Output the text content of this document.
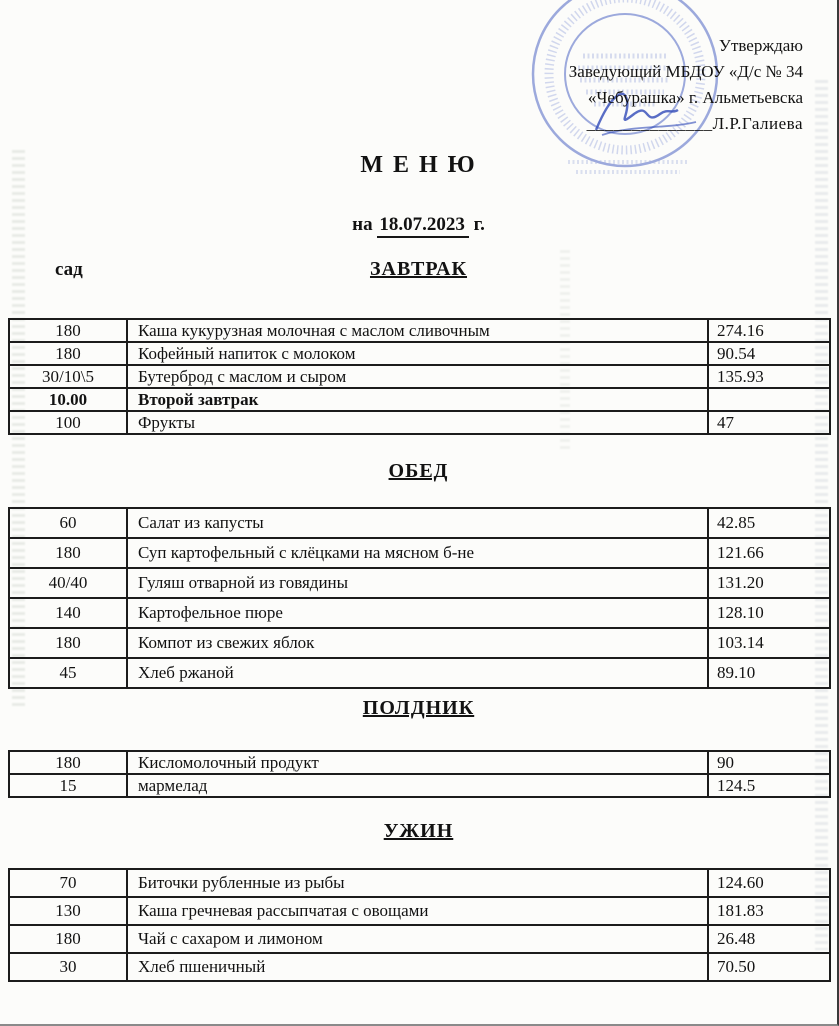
Утверждаю
Заведующий МБДОУ «Д/с № 34
«Чебурашка» г. Альметьевска
______________Л.Р.Галиева
М Е Н Ю
на 18.07.2023 г.
сад	ЗАВТРАК
180	Каша кукурузная молочная с маслом сливочным	274.16
180	Кофейный напиток с молоком	90.54
30/10\5	Бутерброд с маслом и сыром	135.93
10.00	Второй завтрак	
100	Фрукты	47
ОБЕД
60	Салат из капусты	42.85
180	Суп картофельный с клёцками на мясном б-не	121.66
40/40	Гуляш отварной из говядины	131.20
140	Картофельное пюре	128.10
180	Компот из свежих яблок	103.14
45	Хлеб ржаной	89.10
ПОЛДНИК
180	Кисломолочный продукт	90
15	мармелад	124.5
УЖИН
70	Биточки рубленные из рыбы	124.60
130	Каша гречневая рассыпчатая с овощами	181.83
180	Чай с сахаром и лимоном	26.48
30	Хлеб пшеничный	70.50
